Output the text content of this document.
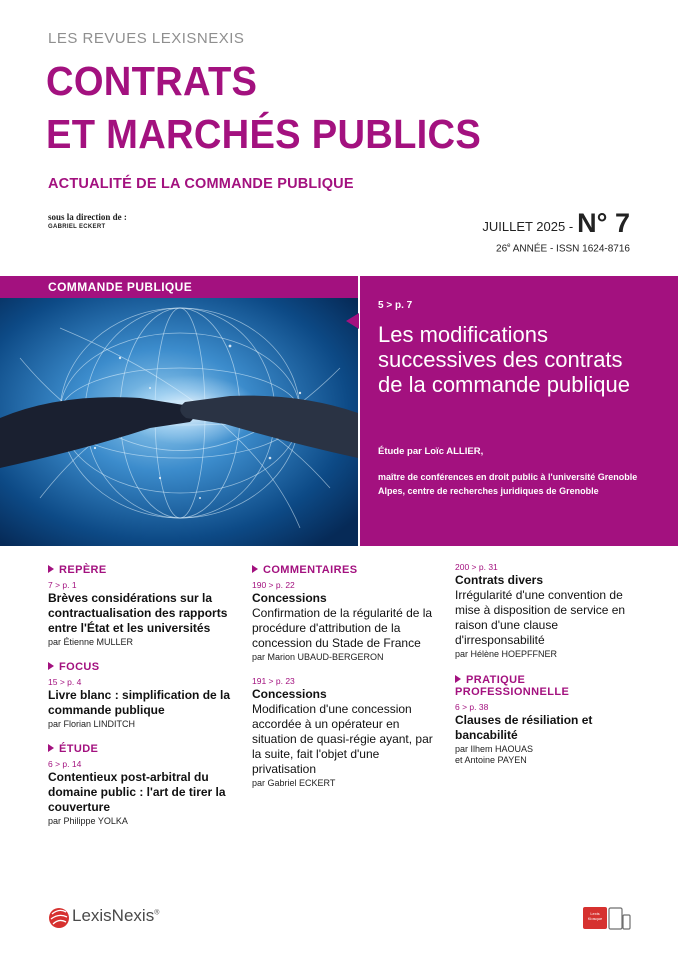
LES REVUES LEXISNEXIS
CONTRATS
ET MARCHÉS PUBLICS
ACTUALITÉ DE LA COMMANDE PUBLIQUE
sous la direction de :
GABRIEL ECKERT	JUILLET 2025 - N° 7
26e ANNÉE - ISSN 1624-8716
COMMANDE PUBLIQUE
5 > p. 7
Les modifications successives des contrats de la commande publique
Étude par Loïc ALLIER,
maître de conférences en droit public à l'université Grenoble Alpes, centre de recherches juridiques de Grenoble
REPÈRE
7 > p. 1
Brèves considérations sur la contractualisation des rapports entre l'État et les universités
par Étienne MULLER
FOCUS
15 > p. 4
Livre blanc : simplification de la commande publique
par Florian LINDITCH
ÉTUDE
6 > p. 14
Contentieux post-arbitral du domaine public : l'art de tirer la couverture
par Philippe YOLKA
COMMENTAIRES
190 > p. 22
Concessions
Confirmation de la régularité de la procédure d'attribution de la concession du Stade de France
par Marion UBAUD-BERGERON
191 > p. 23
Concessions
Modification d'une concession accordée à un opérateur en situation de quasi-régie ayant, par la suite, fait l'objet d'une privatisation
par Gabriel ECKERT
200 > p. 31
Contrats divers
Irrégularité d'une convention de mise à disposition de service en raison d'une clause d'irresponsabilité
par Hélène HOEPFFNER
PRATIQUE
PROFESSIONNELLE
6 > p. 38
Clauses de résiliation et bancabilité
par Ilhem HAOUAS
et Antoine PAYEN
LexisNexis®	Lexis Kiosque
